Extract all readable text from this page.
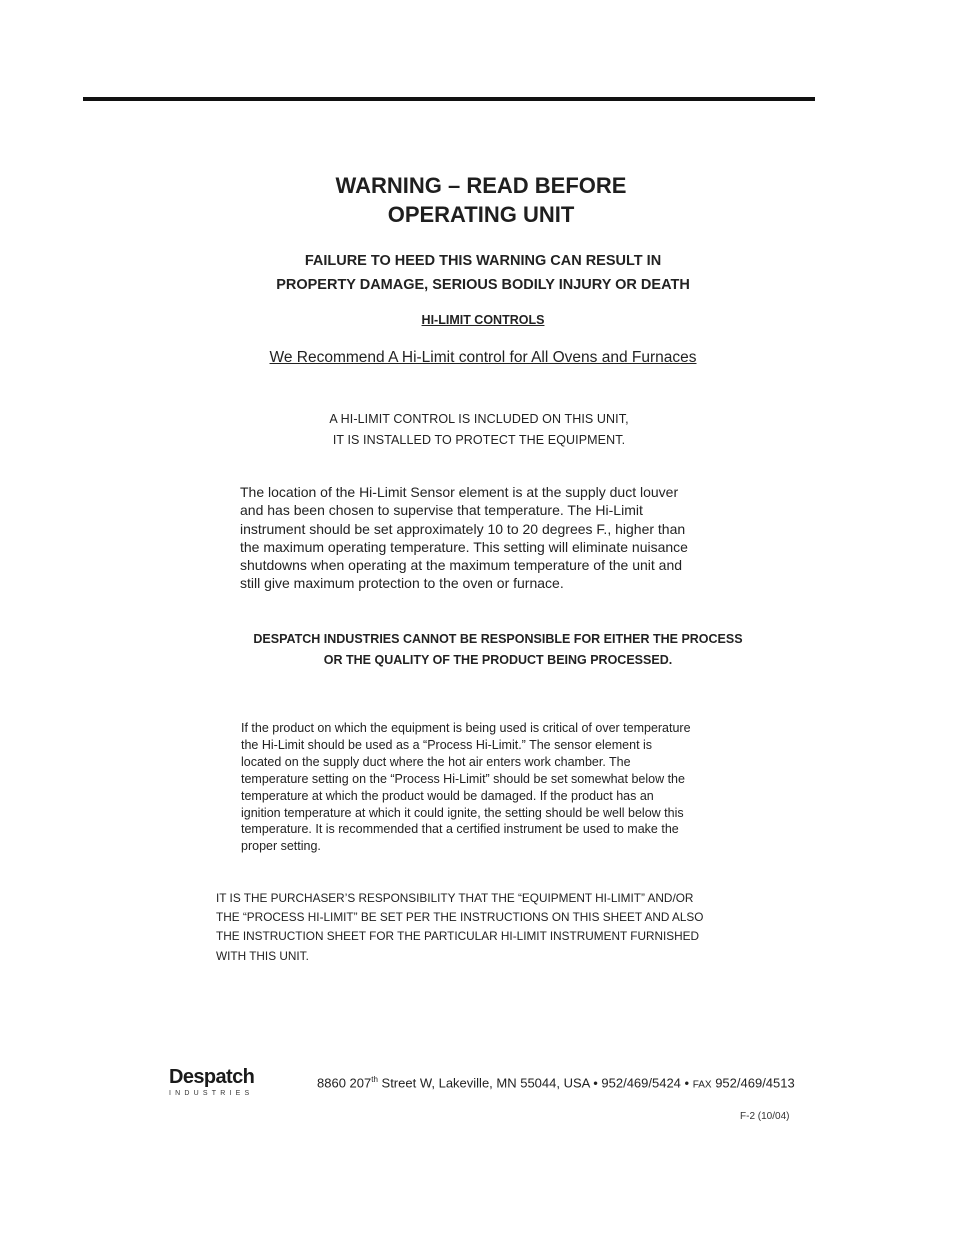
WARNING – READ BEFORE
OPERATING UNIT

FAILURE TO HEED THIS WARNING CAN RESULT IN
PROPERTY DAMAGE, SERIOUS BODILY INJURY OR DEATH

HI-LIMIT CONTROLS

We Recommend A Hi-Limit control for All Ovens and Furnaces

A HI-LIMIT CONTROL IS INCLUDED ON THIS UNIT,
IT IS INSTALLED TO PROTECT THE EQUIPMENT.

The location of the Hi-Limit Sensor element is at the supply duct louver
and has been chosen to supervise that temperature. The Hi-Limit
instrument should be set approximately 10 to 20 degrees F., higher than
the maximum operating temperature. This setting will eliminate nuisance
shutdowns when operating at the maximum temperature of the unit and
still give maximum protection to the oven or furnace.

DESPATCH INDUSTRIES CANNOT BE RESPONSIBLE FOR EITHER THE PROCESS
OR THE QUALITY OF THE PRODUCT BEING PROCESSED.

If the product on which the equipment is being used is critical of over temperature
the Hi-Limit should be used as a “Process Hi-Limit.” The sensor element is
located on the supply duct where the hot air enters work chamber. The
temperature setting on the “Process Hi-Limit” should be set somewhat below the
temperature at which the product would be damaged. If the product has an
ignition temperature at which it could ignite, the setting should be well below this
temperature. It is recommended that a certified instrument be used to make the
proper setting.

IT IS THE PURCHASER’S RESPONSIBILITY THAT THE “EQUIPMENT HI-LIMIT” AND/OR
THE “PROCESS HI-LIMIT” BE SET PER THE INSTRUCTIONS ON THIS SHEET AND ALSO
THE INSTRUCTION SHEET FOR THE PARTICULAR HI-LIMIT INSTRUMENT FURNISHED
WITH THIS UNIT.

Despatch
INDUSTRIES
8860 207th Street W, Lakeville, MN 55044, USA • 952/469/5424 • FAX 952/469/4513
F-2 (10/04)
